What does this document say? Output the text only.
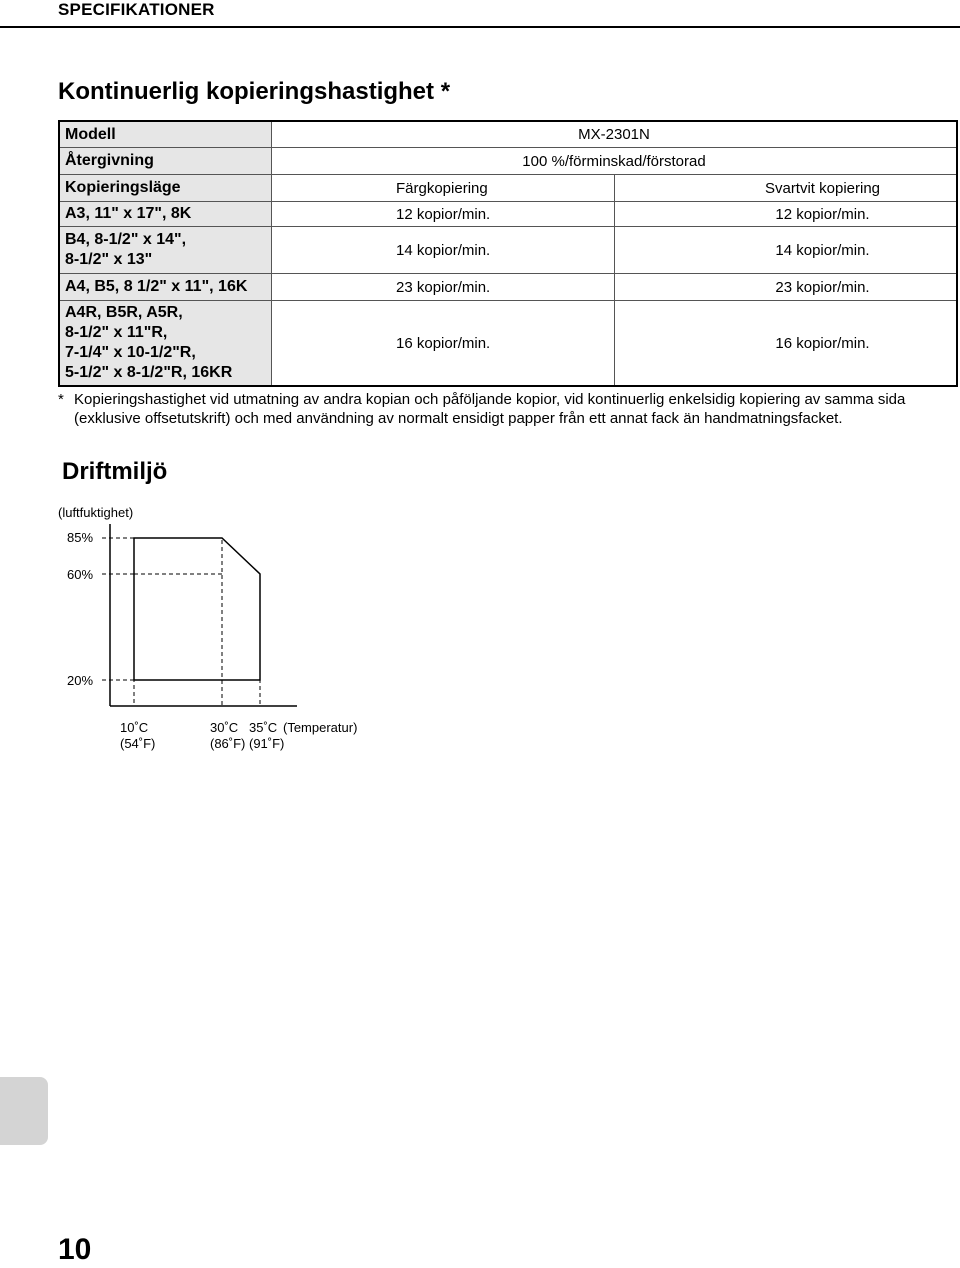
SPECIFIKATIONER
Kontinuerlig kopieringshastighet *
Modell	MX-2301N	
Återgivning	100 %/förminskad/förstorad	
Kopieringsläge	Färgkopiering	Svartvit kopiering
A3, 11" x 17", 8K	12 kopior/min.	12 kopior/min.

B4, 8-1/2" x 14",
8-1/2" x 13"	14 kopior/min.	14 kopior/min.
A4, B5, 8 1/2" x 11", 16K	23 kopior/min.	23 kopior/min.

A4R, B5R, A5R,
8-1/2" x 11"R,
7-1/4" x 10-1/2"R,
5-1/2" x 8-1/2"R, 16KR	16 kopior/min.	16 kopior/min.
* Kopieringshastighet vid utmatning av andra kopian och påföljande kopior, vid kontinuerlig enkelsidig kopiering av samma sida (exklusive offsetutskrift) och med användning av normalt ensidigt papper från ett annat fack än handmatningsfacket.
Driftmiljö
(luftfuktighet)
85%
60%
20%
10˚C
(54˚F)
30˚C
(86˚F)
35˚C
(91˚F)
(Temperatur)
10
